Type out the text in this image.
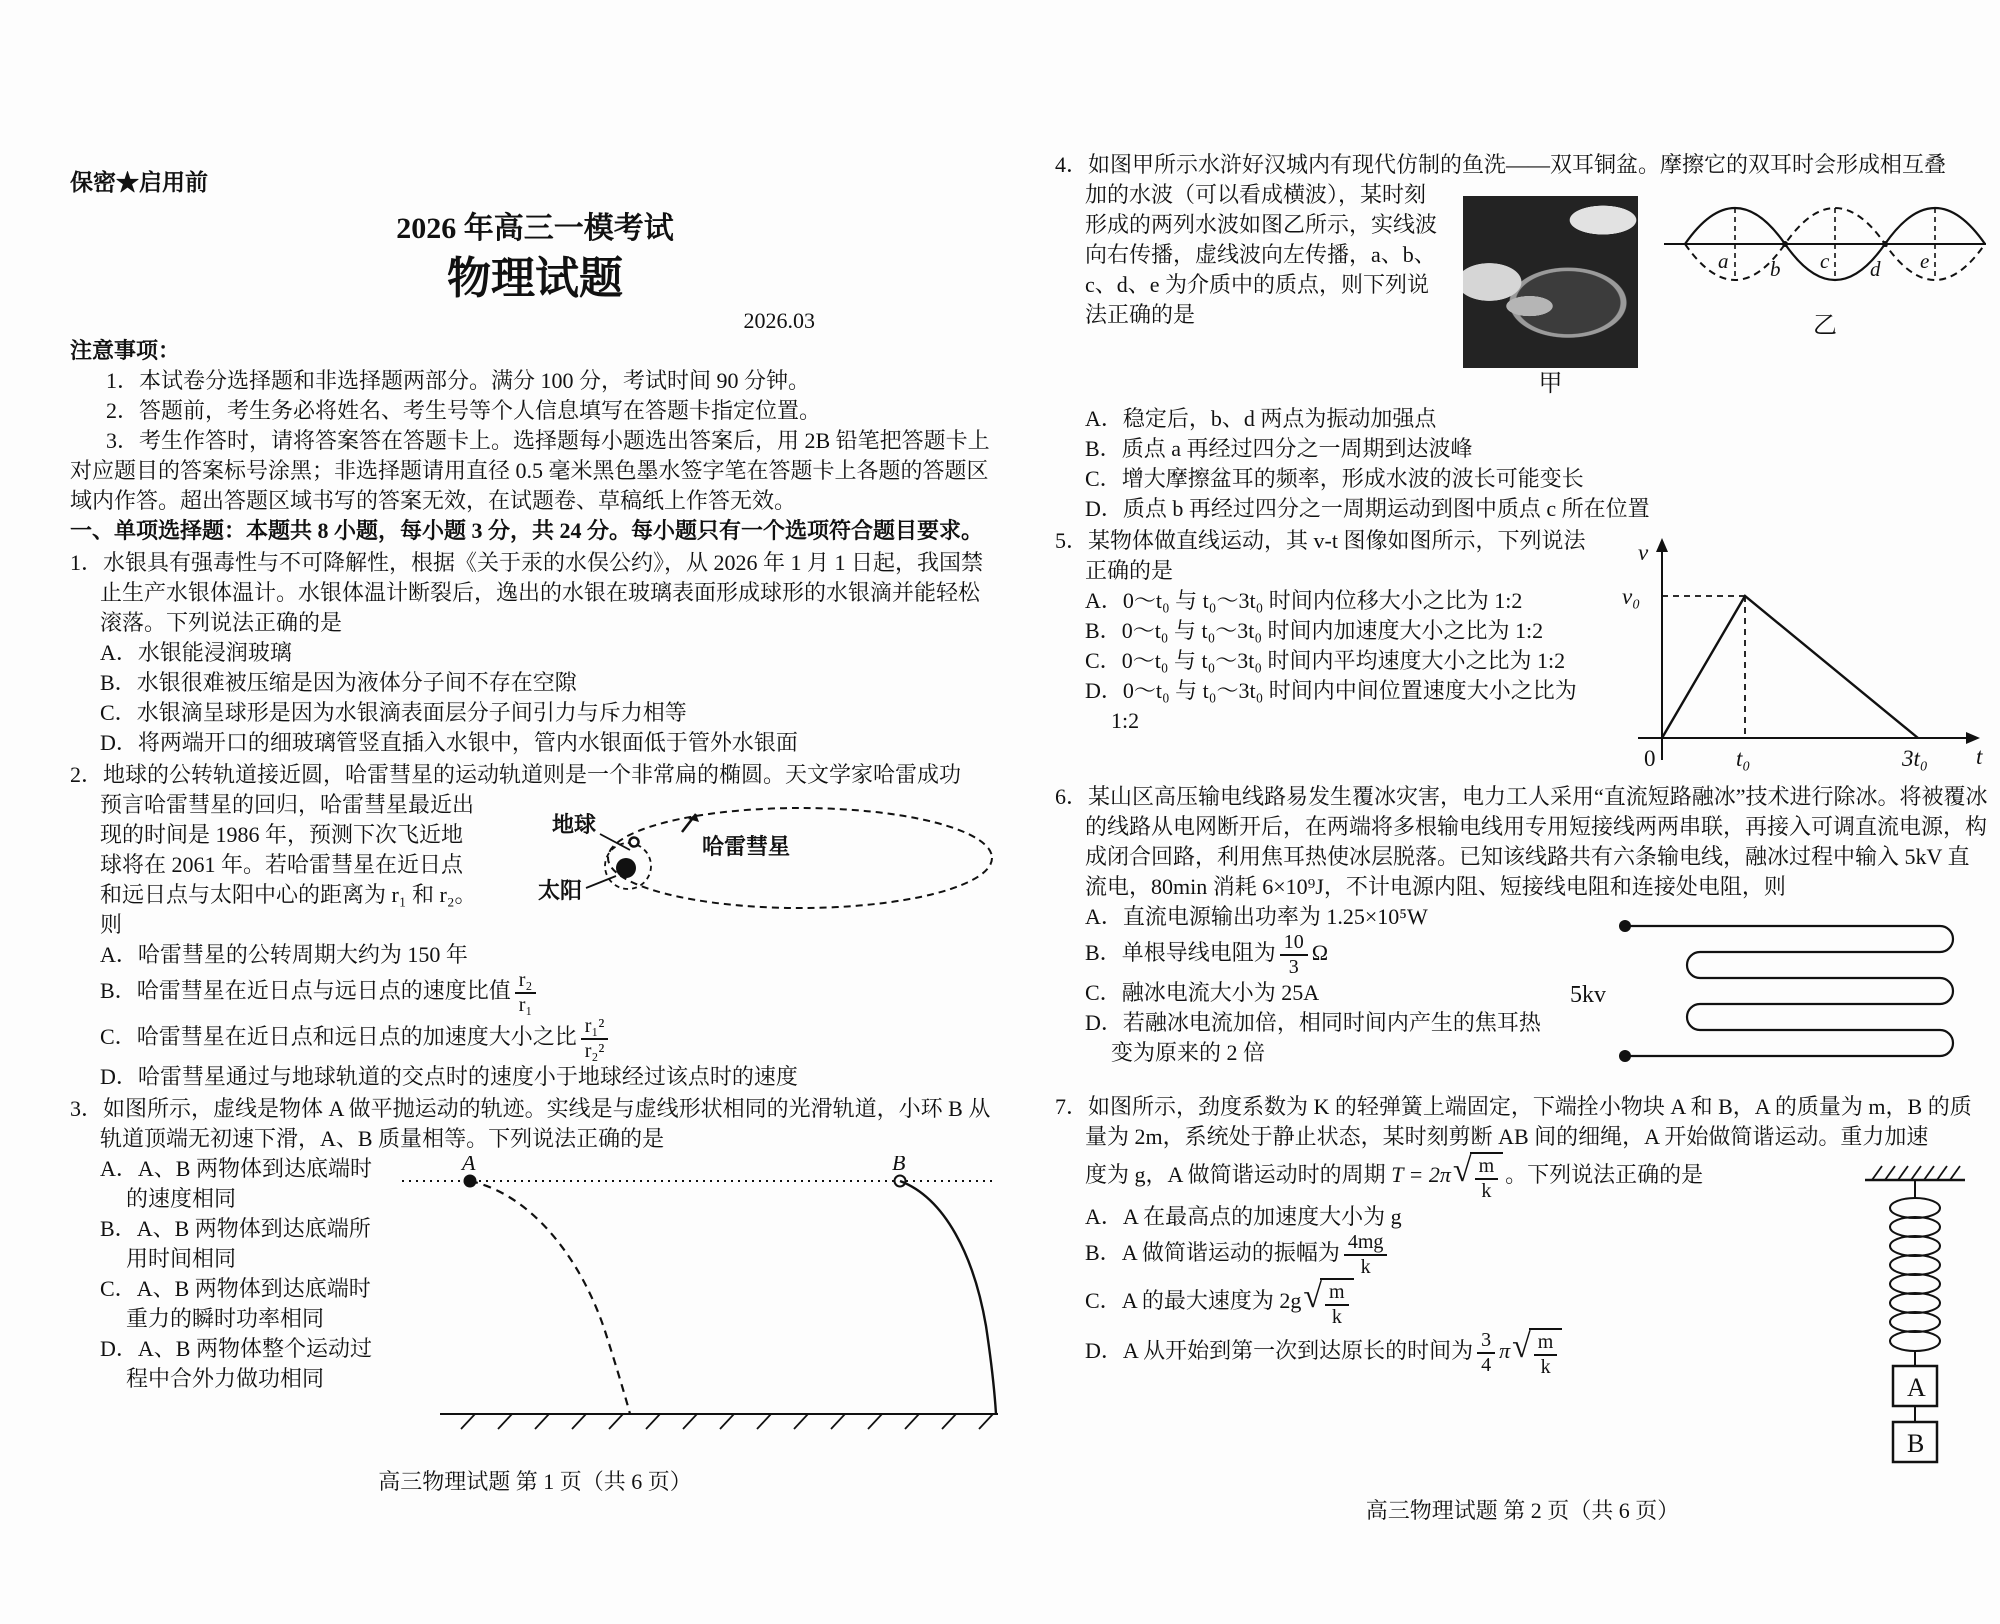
保密★启用前
2026 年高三一模考试
物理试题
2026.03
注意事项：
1．本试卷分选择题和非选择题两部分。满分 100 分，考试时间 90 分钟。
2．答题前，考生务必将姓名、考生号等个人信息填写在答题卡指定位置。
3．考生作答时，请将答案答在答题卡上。选择题每小题选出答案后，用 2B 铅笔把答题卡上对应题目的答案标号涂黑；非选择题请用直径 0.5 毫米黑色墨水签字笔在答题卡上各题的答题区域内作答。超出答题区域书写的答案无效，在试题卷、草稿纸上作答无效。
一、单项选择题：本题共 8 小题，每小题 3 分，共 24 分。每小题只有一个选项符合题目要求。
1．水银具有强毒性与不可降解性，根据《关于汞的水俣公约》，从 2026 年 1 月 1 日起，我国禁止生产水银体温计。水银体温计断裂后，逸出的水银在玻璃表面形成球形的水银滴并能轻松滚落。下列说法正确的是
A．水银能浸润玻璃
B．水银很难被压缩是因为液体分子间不存在空隙
C．水银滴呈球形是因为水银滴表面层分子间引力与斥力相等
D．将两端开口的细玻璃管竖直插入水银中，管内水银面低于管外水银面
2．地球的公转轨道接近圆，哈雷彗星的运动轨道则是一个非常扁的椭圆。天文学家哈雷成功
地球
哈雷彗星
太阳
预言哈雷彗星的回归，哈雷彗星最近出现的时间是 1986 年，预测下次飞近地球将在 2061 年。若哈雷彗星在近日点和远日点与太阳中心的距离为 r₁ 和 r₂。 则
A．哈雷彗星的公转周期大约为 150 年
B．哈雷彗星在近日点与远日点的速度比值 $\frac{\text{r₂}}{\text{r₁}}$
C．哈雷彗星在近日点和远日点的加速度大小之比 $\frac{\text{r₁²}}{\text{r₂²}}$
D．哈雷彗星通过与地球轨道的交点时的速度小于地球经过该点时的速度
3．如图所示，虚线是物体 A 做平抛运动的轨迹。实线是与虚线形状相同的光滑轨道，小环 B 从轨道顶端无初速下滑，A、B 质量相等。下列说法正确的是
A	B
A．A、B 两物体到达底端时的速度相同
B．A、B 两物体到达底端所用时间相同
C．A、B 两物体到达底端时重力的瞬时功率相同
D．A、B 两物体整个运动过程中合外力做功相同
高三物理试题 第 1 页（共 6 页）
4．如图甲所示水浒好汉城内有现代仿制的鱼洗——双耳铜盆。摩擦它的双耳时会形成相互叠
甲
a b c d e
乙
加的水波（可以看成横波），某时刻形成的两列水波如图乙所示，实线波向右传播，虚线波向左传播，a、b、c、d、e 为介质中的质点，则下列说法正确的是
A．稳定后，b、d 两点为振动加强点
B．质点 a 再经过四分之一周期到达波峰
C．增大摩擦盆耳的频率，形成水波的波长可能变长
D．质点 b 再经过四分之一周期运动到图中质点 c 所在位置
v
v₀
0	t₀	3t₀ t
5．某物体做直线运动，其 v-t 图像如图所示，下列说法正确的是
A．0～t₀ 与 t₀～3t₀ 时间内位移大小之比为 1:2
B．0～t₀ 与 t₀～3t₀ 时间内加速度大小之比为 1:2
C．0～t₀ 与 t₀～3t₀ 时间内平均速度大小之比为 1:2
D．0～t₀ 与 t₀～3t₀ 时间内中间位置速度大小之比为 1:2
6．某山区高压输电线路易发生覆冰灾害，电力工人采用“直流短路融冰”技术进行除冰。将被覆冰的线路从电网断开后，在两端将多根输电线用专用短接线两两串联，再接入可调直流电源，构成闭合回路，利用焦耳热使冰层脱落。已知该线路共有六条输电线，融冰过程中输入 5kV 直流电，80min 消耗 6×10⁹J，不计电源内阻、短接线电阻和连接处电阻，则
5kv
A．直流电源输出功率为 1.25×10⁵W
B．单根导线电阻为 $\frac{10}{3}$ Ω
C．融冰电流大小为 25A
D．若融冰电流加倍，相同时间内产生的焦耳热变为原来的 2 倍
7．如图所示，劲度系数为 K 的轻弹簧上端固定，下端拴小物块 A 和 B，A 的质量为 m，B 的质量为 2m，系统处于静止状态，某时刻剪断 AB 间的细绳，A 开始做简谐运动。重力加速
A
B
度为 g，A 做简谐运动时的周期 T = 2π √ $\frac{m}{k}$ 。下列说法正确的是
A．A 在最高点的加速度大小为 g
B．A 做简谐运动的振幅为 $\frac{4mg}{k}$
C．A 的最大速度为 2g √ $\frac{m}{k}$
D．A 从开始到第一次到达原长的时间为 $\frac{3}{4}$ π √ $\frac{m}{k}$
高三物理试题 第 2 页（共 6 页）
